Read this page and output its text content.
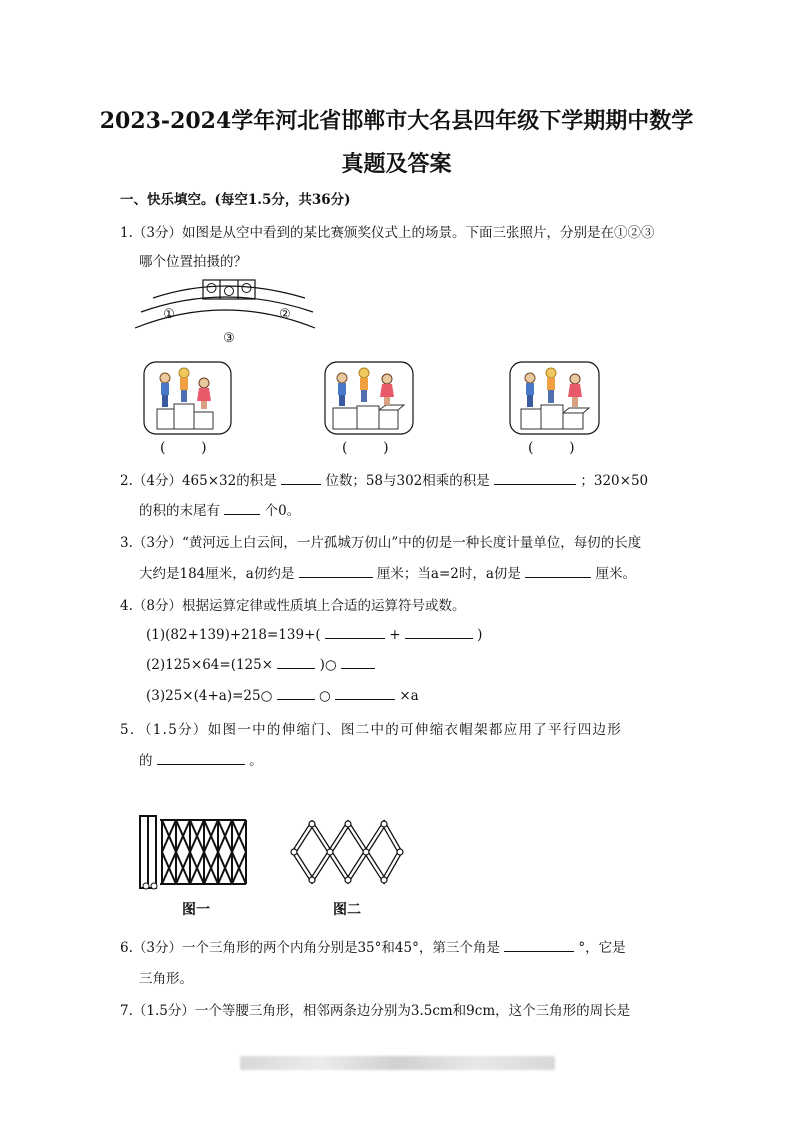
2023-2024学年河北省邯郸市大名县四年级下学期期中数学
真题及答案
一、快乐填空。(每空1.5分，共36分)
1.（3分）如图是从空中看到的某比赛颁奖仪式上的场景。下面三张照片，分别是在①②③
哪个位置拍摄的？
①	②
③
(        )	(        )	(        )
2.（4分）465×32的积是	位数；58与302相乘的积是	；320×50
的积的末尾有	个0。
3.（3分）“黄河远上白云间，一片孤城万仞山”中的仞是一种长度计量单位，每仞的长度
大约是184厘米，a仞约是	厘米；当a=2时，a仞是	厘米。
4.（8分）根据运算定律或性质填上合适的运算符号或数。
(1)(82+139)+218=139+(	+	)
(2)125×64=(125×	)○
(3)25×(4+a)=25○	○	×a
5．（1.5分）如图一中的伸缩门、图二中的可伸缩衣帽架都应用了平行四边形
的	。
图一	图二
6.（3分）一个三角形的两个内角分别是35°和45°，第三个角是	°，它是
三角形。
7.（1.5分）一个等腰三角形，相邻两条边分别为3.5cm和9cm，这个三角形的周长是
